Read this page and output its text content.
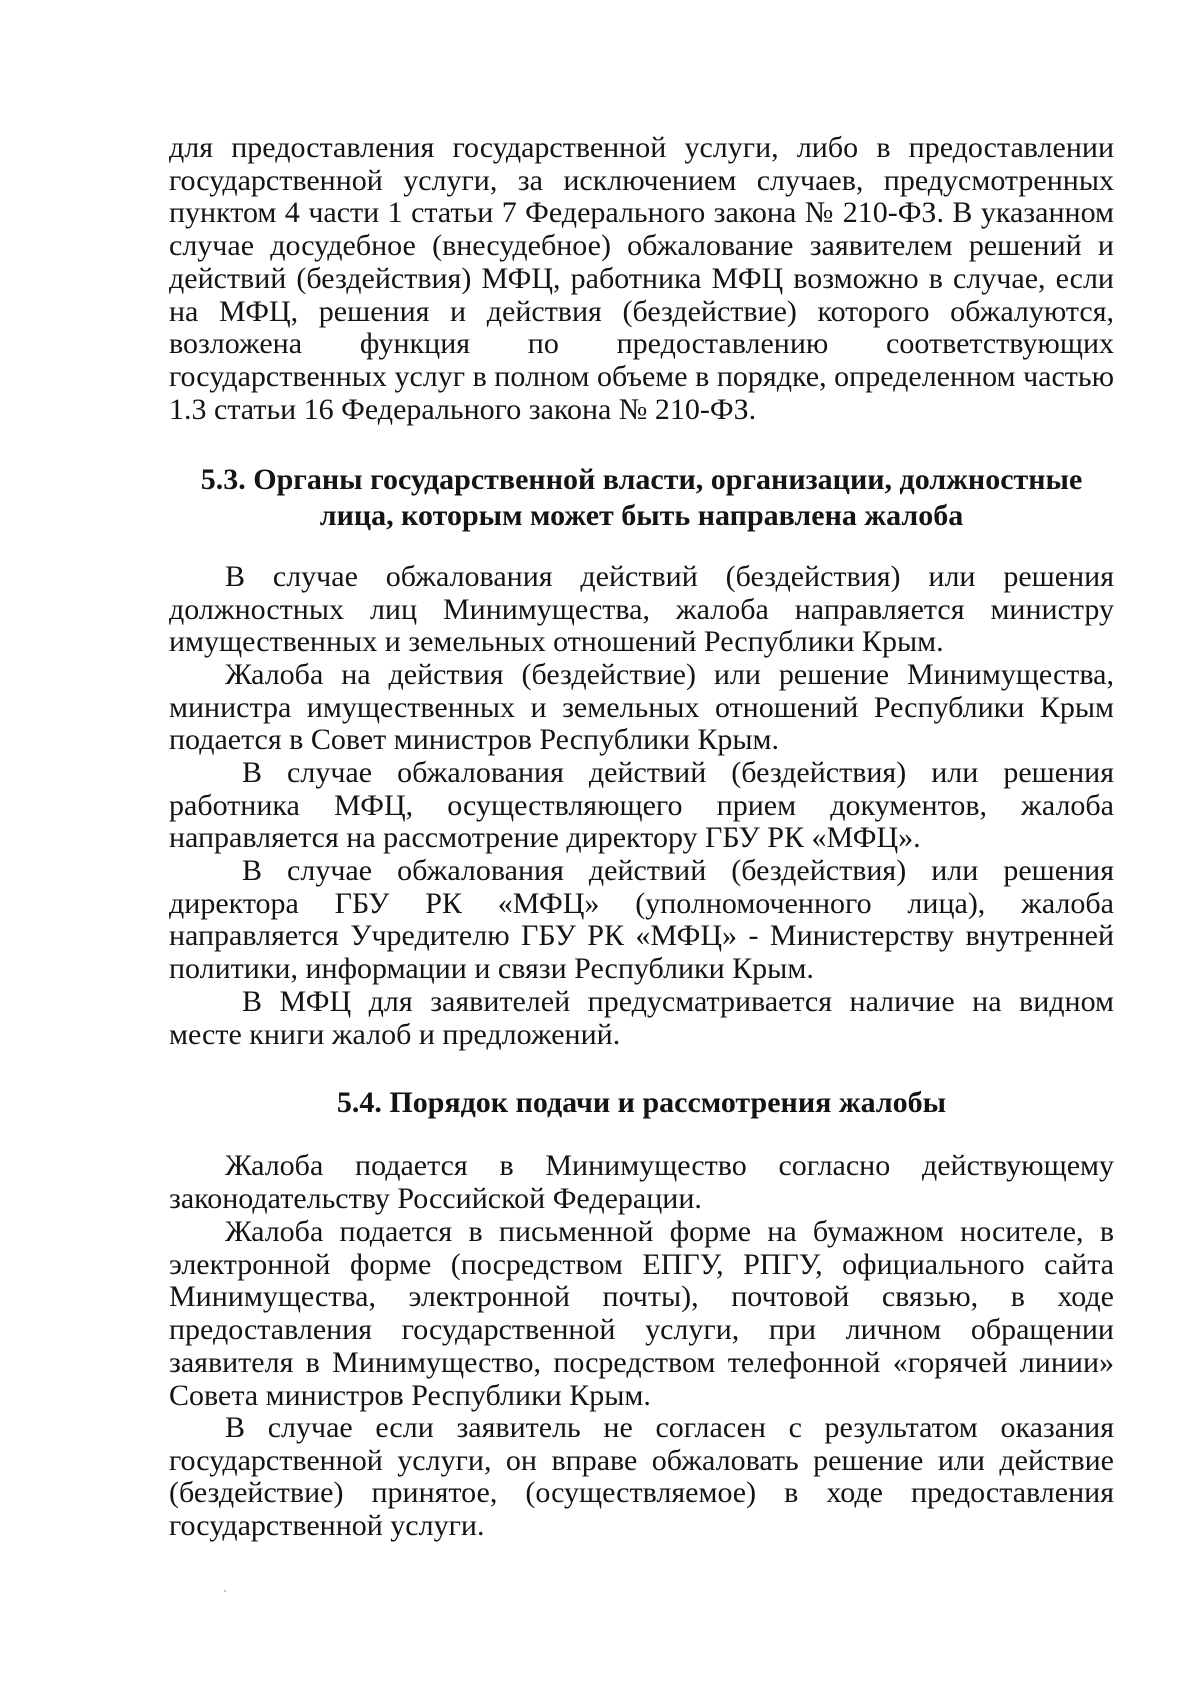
для предоставления государственной услуги, либо в предоставлении государственной услуги, за исключением случаев, предусмотренных пунктом 4 части 1 статьи 7 Федерального закона № 210-ФЗ. В указанном случае досудебное (внесудебное) обжалование заявителем решений и действий (бездействия) МФЦ, работника МФЦ возможно в случае, если на МФЦ, решения и действия (бездействие) которого обжалуются, возложена функция по предоставлению соответствующих государственных услуг в полном объеме в порядке, определенном частью 1.3 статьи 16 Федерального закона № 210-ФЗ.

5.3. Органы государственной власти, организации, должностные
лица, которым может быть направлена жалоба

В случае обжалования действий (бездействия) или решения должностных лиц Минимущества, жалоба направляется министру имущественных и земельных отношений Республики Крым.

Жалоба на действия (бездействие) или решение Минимущества, министра имущественных и земельных отношений Республики Крым подается в Совет министров Республики Крым.

В случае обжалования действий (бездействия) или решения работника МФЦ, осуществляющего прием документов, жалоба направляется на рассмотрение директору ГБУ РК «МФЦ».

В случае обжалования действий (бездействия) или решения директора ГБУ РК «МФЦ» (уполномоченного лица), жалоба направляется Учредителю ГБУ РК «МФЦ» - Министерству внутренней политики, информации и связи Республики Крым.

В МФЦ для заявителей предусматривается наличие на видном месте книги жалоб и предложений.

5.4. Порядок подачи и рассмотрения жалобы

Жалоба подается в Минимущество согласно действующему законодательству Российской Федерации.

Жалоба подается в письменной форме на бумажном носителе, в электронной форме (посредством ЕПГУ, РПГУ, официального сайта Минимущества, электронной почты), почтовой связью, в ходе предоставления государственной услуги, при личном обращении заявителя в Минимущество, посредством телефонной «горячей линии» Совета министров Республики Крым.

В случае если заявитель не согласен с результатом оказания государственной услуги, он вправе обжаловать решение или действие (бездействие) принятое, (осуществляемое) в ходе предоставления государственной услуги.
